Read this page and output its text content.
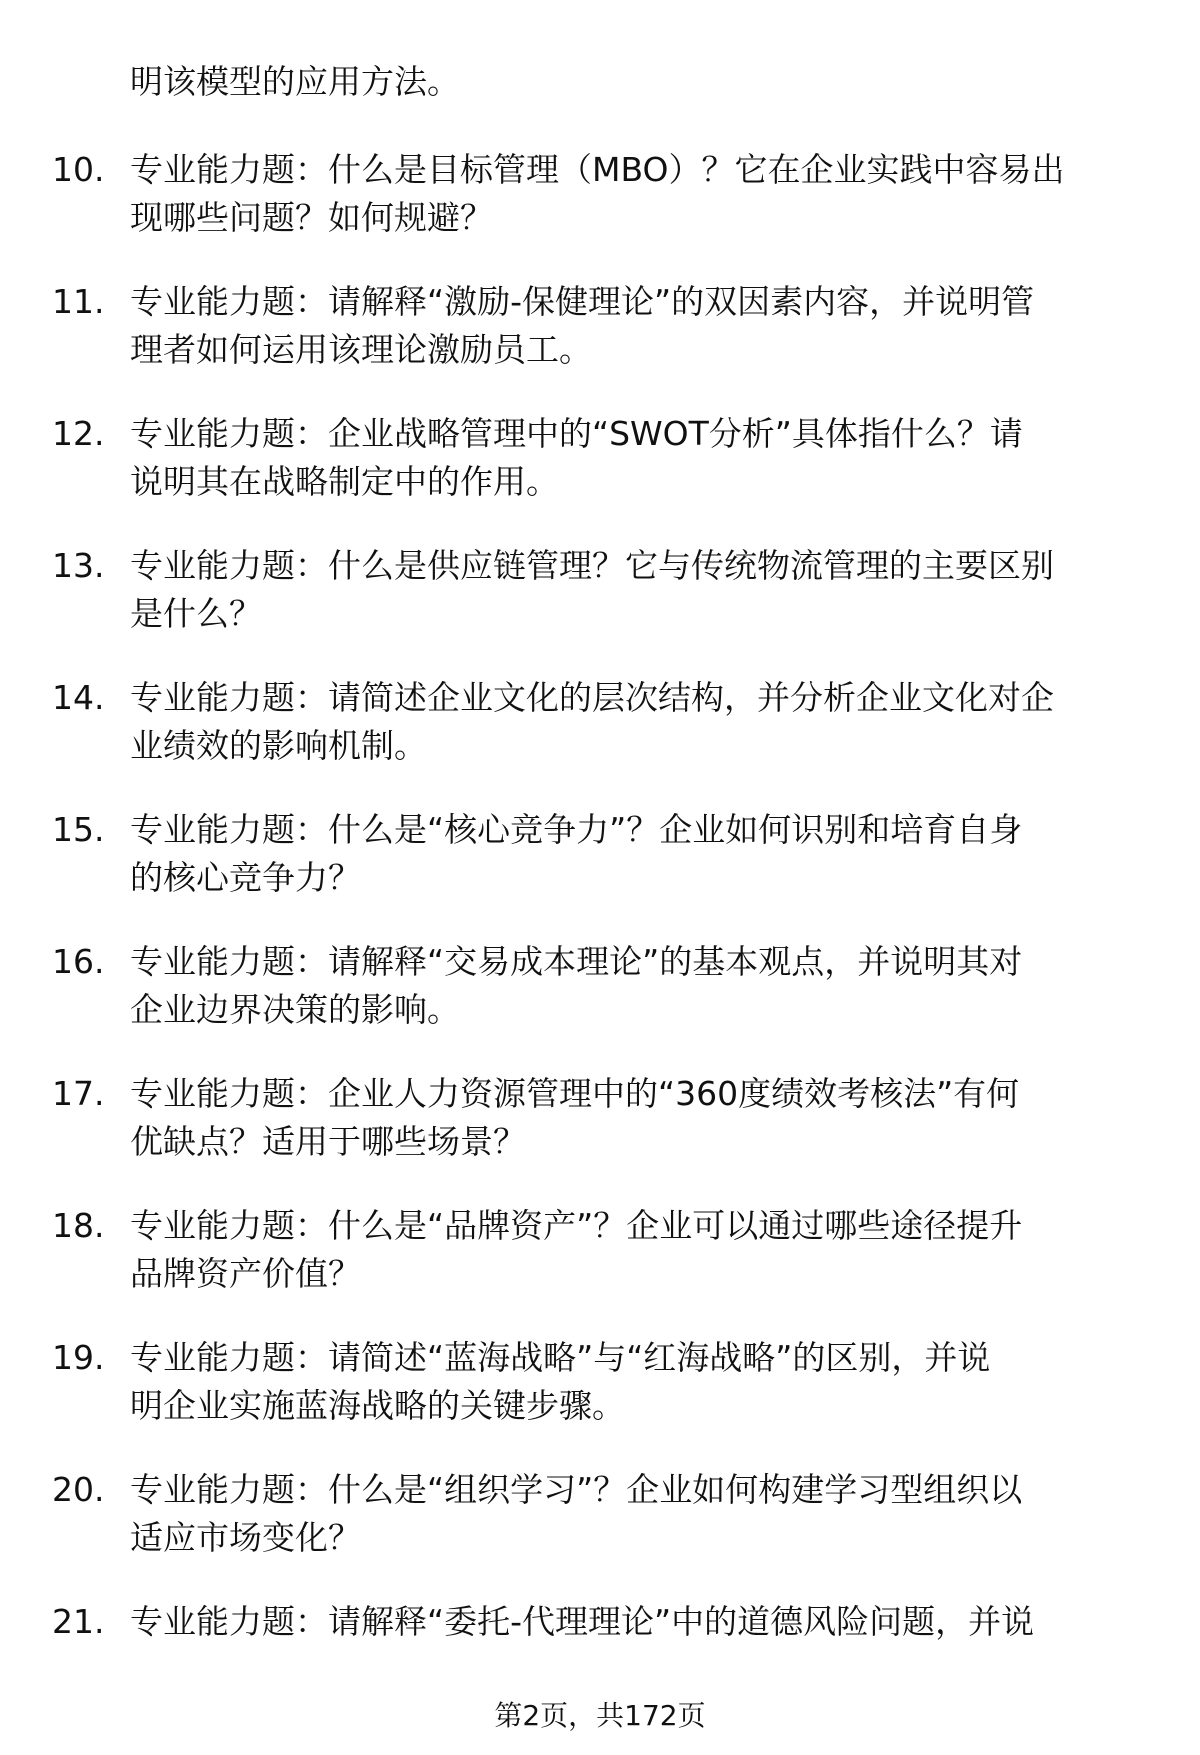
明该模型的应用方法。
10. 专业能力题：什么是目标管理（MBO）？它在企业实践中容易出
现哪些问题？如何规避？
11. 专业能力题：请解释“激励-保健理论”的双因素内容，并说明管
理者如何运用该理论激励员工。
12. 专业能力题：企业战略管理中的“SWOT分析”具体指什么？请
说明其在战略制定中的作用。
13. 专业能力题：什么是供应链管理？它与传统物流管理的主要区别
是什么？
14. 专业能力题：请简述企业文化的层次结构，并分析企业文化对企
业绩效的影响机制。
15. 专业能力题：什么是“核心竞争力”？企业如何识别和培育自身
的核心竞争力？
16. 专业能力题：请解释“交易成本理论”的基本观点，并说明其对
企业边界决策的影响。
17. 专业能力题：企业人力资源管理中的“360度绩效考核法”有何
优缺点？适用于哪些场景？
18. 专业能力题：什么是“品牌资产”？企业可以通过哪些途径提升
品牌资产价值？
19. 专业能力题：请简述“蓝海战略”与“红海战略”的区别，并说
明企业实施蓝海战略的关键步骤。
20. 专业能力题：什么是“组织学习”？企业如何构建学习型组织以
适应市场变化？
21. 专业能力题：请解释“委托-代理理论”中的道德风险问题，并说
第2页，共172页
